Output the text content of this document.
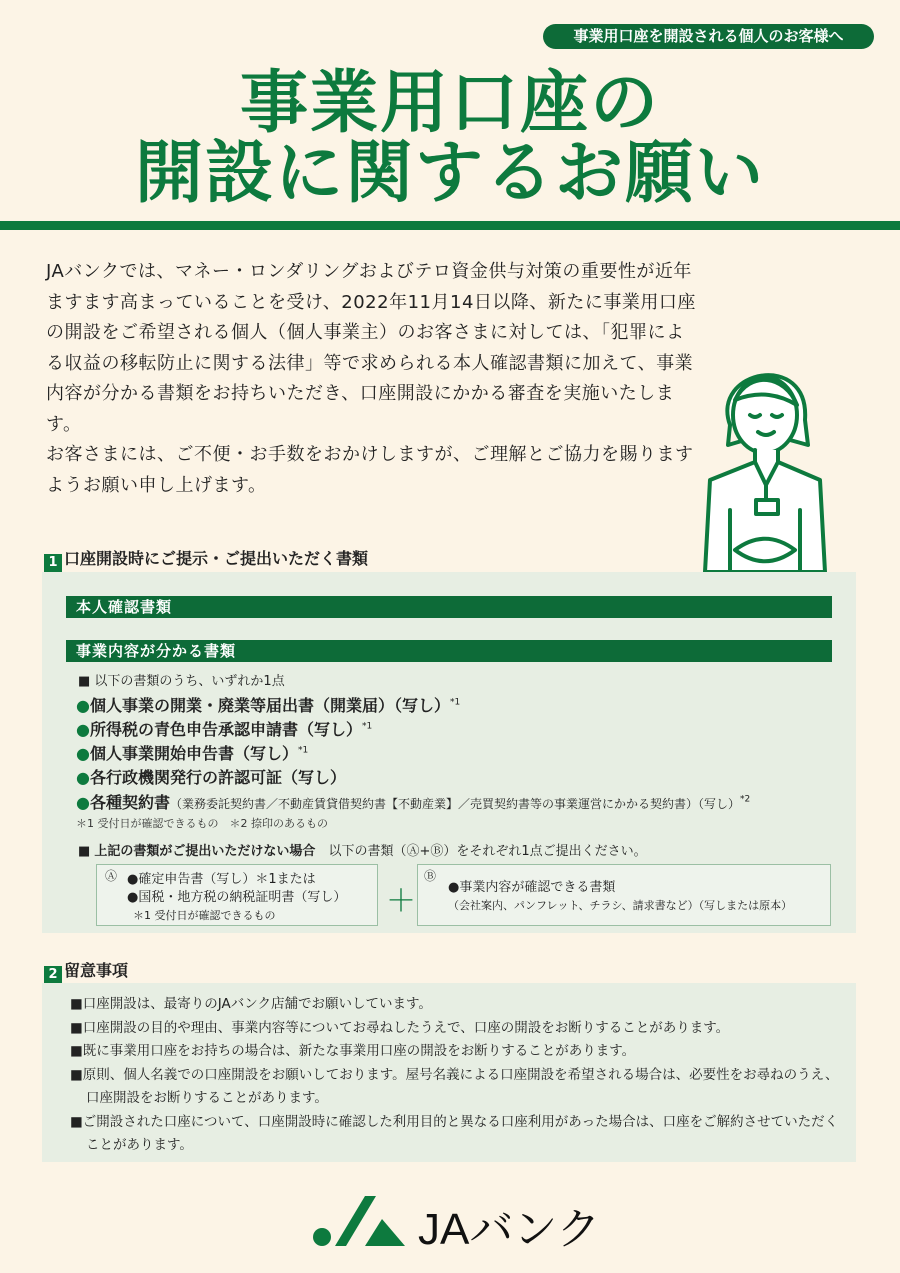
事業用口座を開設される個人のお客様へ
事業用口座の
開設に関するお願い

JAバンクでは、マネー・ロンダリングおよびテロ資金供与対策の重要性が近年ますます高まっていることを受け、2022年11月14日以降、新たに事業用口座の開設をご希望される個人（個人事業主）のお客さまに対しては、「犯罪による収益の移転防止に関する法律」等で求められる本人確認書類に加えて、事業内容が分かる書類をお持ちいただき、口座開設にかかる審査を実施いたします。

お客さまには、ご不便・お手数をおかけしますが、ご理解とご協力を賜りますようお願い申し上げます。

1 口座開設時にご提示・ご提出いただく書類
本人確認書類
事業内容が分かる書類
■ 以下の書類のうち、いずれか1点
●個人事業の開業・廃業等届出書（開業届）（写し）$^{*1}$
●所得税の青色申告承認申請書（写し）$^{*1}$
●個人事業開始申告書（写し）$^{*1}$
●各行政機関発行の許認可証（写し）
●各種契約書（業務委託契約書／不動産賃貸借契約書【不動産業】／売買契約書等の事業運営にかかる契約書）（写し）$^{*2}$
＊1 受付日が確認できるもの　＊2 捺印のあるもの
■ 上記の書類がご提出いただけない場合　 以下の書類（Ⓐ+Ⓑ）をそれぞれ1点ご提出ください。
Ⓐ ●確定申告書（写し）＊1または
●国税・地方税の納税証明書（写し）
＊1 受付日が確認できるもの	＋
Ⓑ
●事業内容が確認できる書類
（会社案内、パンフレット、チラシ、請求書など）（写しまたは原本）
2 留意事項
■口座開設は、最寄りのJAバンク店舗でお願いしています。
■口座開設の目的や理由、事業内容等についてお尋ねしたうえで、口座の開設をお断りすることがあります。
■既に事業用口座をお持ちの場合は、新たな事業用口座の開設をお断りすることがあります。
■原則、個人名義での口座開設をお願いしております。屋号名義による口座開設を希望される場合は、必要性をお尋ねのうえ、口座開設をお断りすることがあります。
■ご開設された口座について、口座開設時に確認した利用目的と異なる口座利用があった場合は、口座をご解約させていただくことがあります。
JAバンク
